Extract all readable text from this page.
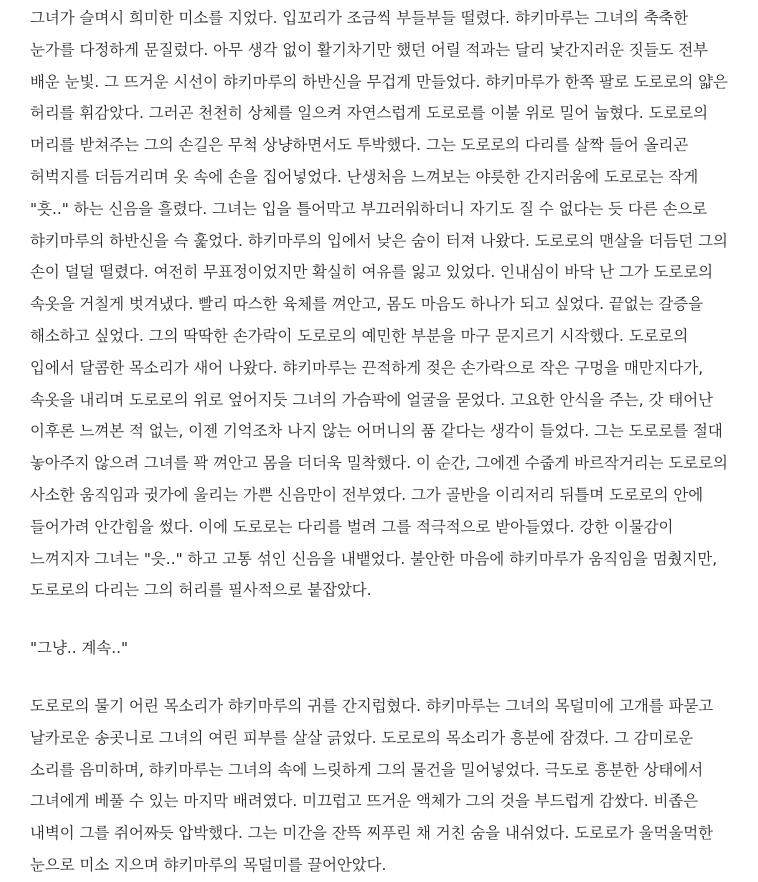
그녀가 슬며시 희미한 미소를 지었다. 입꼬리가 조금씩 부들부들 떨렸다. 햐키마루는 그녀의 축축한 눈가를 다정하게 문질렀다. 아무 생각 없이 활기차기만 했던 어릴 적과는 달리 낯간지러운 짓들도 전부 배운 눈빛. 그 뜨거운 시선이 햐키마루의 하반신을 무겁게 만들었다. 햐키마루가 한쪽 팔로 도로로의 얇은 허리를 휘감았다. 그러곤 천천히 상체를 일으켜 자연스럽게 도로로를 이불 위로 밀어 눕혔다. 도로로의 머리를 받쳐주는 그의 손길은 무척 상냥하면서도 투박했다. 그는 도로로의 다리를 살짝 들어 올리곤 허벅지를 더듬거리며 옷 속에 손을 집어넣었다. 난생처음 느껴보는 야릇한 간지러움에 도로로는 작게 "흣.." 하는 신음을 흘렸다. 그녀는 입을 틀어막고 부끄러워하더니 자기도 질 수 없다는 듯 다른 손으로 햐키마루의 하반신을 슥 훑었다. 햐키마루의 입에서 낮은 숨이 터져 나왔다. 도로로의 맨살을 더듬던 그의 손이 덜덜 떨렸다. 여전히 무표정이었지만 확실히 여유를 잃고 있었다. 인내심이 바닥 난 그가 도로로의 속옷을 거칠게 벗겨냈다. 빨리 따스한 육체를 껴안고, 몸도 마음도 하나가 되고 싶었다. 끝없는 갈증을 해소하고 싶었다. 그의 딱딱한 손가락이 도로로의 예민한 부분을 마구 문지르기 시작했다. 도로로의 입에서 달콤한 목소리가 새어 나왔다. 햐키마루는 끈적하게 젖은 손가락으로 작은 구멍을 매만지다가, 속옷을 내리며 도로로의 위로 엎어지듯 그녀의 가슴팍에 얼굴을 묻었다. 고요한 안식을 주는, 갓 태어난 이후론 느껴본 적 없는, 이젠 기억조차 나지 않는 어머니의 품 같다는 생각이 들었다. 그는 도로로를 절대 놓아주지 않으려 그녀를 꽉 껴안고 몸을 더더욱 밀착했다. 이 순간, 그에겐 수줍게 바르작거리는 도로로의 사소한 움직임과 귓가에 울리는 가쁜 신음만이 전부였다. 그가 골반을 이리저리 뒤틀며 도로로의 안에 들어가려 안간힘을 썼다. 이에 도로로는 다리를 벌려 그를 적극적으로 받아들였다. 강한 이물감이 느껴지자 그녀는 "읏.." 하고 고통 섞인 신음을 내뱉었다. 불안한 마음에 햐키마루가 움직임을 멈췄지만, 도로로의 다리는 그의 허리를 필사적으로 붙잡았다.

"그냥.. 계속.."

도로로의 물기 어린 목소리가 햐키마루의 귀를 간지럽혔다. 햐키마루는 그녀의 목덜미에 고개를 파묻고 날카로운 송곳니로 그녀의 여린 피부를 살살 긁었다. 도로로의 목소리가 흥분에 잠겼다. 그 감미로운 소리를 음미하며, 햐키마루는 그녀의 속에 느릿하게 그의 물건을 밀어넣었다. 극도로 흥분한 상태에서 그녀에게 베풀 수 있는 마지막 배려였다. 미끄럽고 뜨거운 액체가 그의 것을 부드럽게 감쌌다. 비좁은 내벽이 그를 쥐어짜듯 압박했다. 그는 미간을 잔뜩 찌푸린 채 거친 숨을 내쉬었다. 도로로가 울먹울먹한 눈으로 미소 지으며 햐키마루의 목덜미를 끌어안았다.
